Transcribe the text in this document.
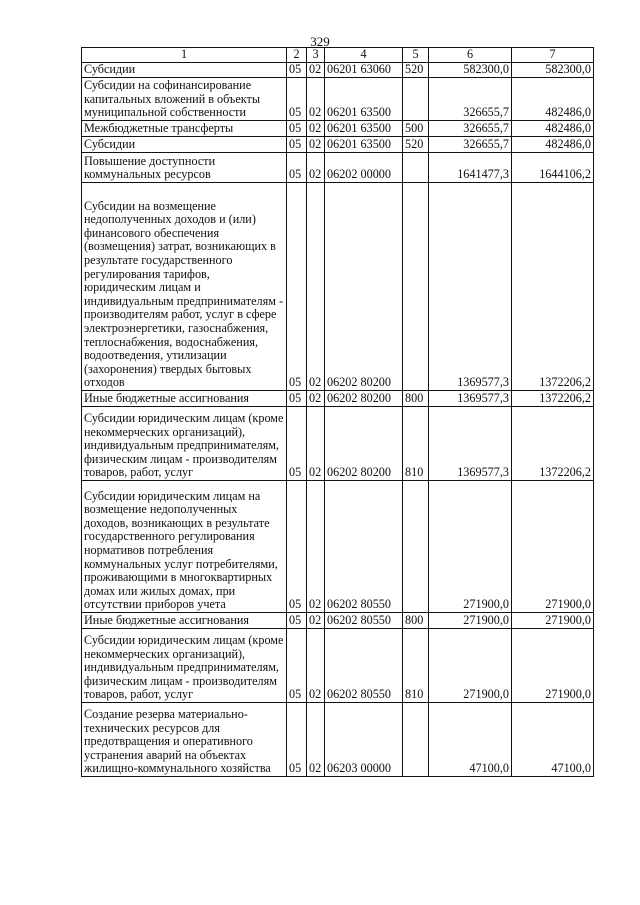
329
1	2	3	4	5	6	7
Субсидии	05	02	06201 63060	520	582300,0	582300,0
Субсидии на софинансирование капитальных вложений в объекты муниципальной собственности	05	02	06201 63500		326655,7	482486,0
Межбюджетные трансферты	05	02	06201 63500	500	326655,7	482486,0
Субсидии	05	02	06201 63500	520	326655,7	482486,0
Повышение доступности коммунальных ресурсов	05	02	06202 00000		1641477,3	1644106,2
Субсидии на возмещение недополученных доходов и (или) финансового обеспечения (возмещения) затрат, возникающих в результате государственного регулирования тарифов, юридическим лицам и индивидуальным предпринимателям - производителям работ, услуг в сфере электроэнергетики, газоснабжения, теплоснабжения, водоснабжения, водоотведения, утилизации (захоронения) твердых бытовых отходов	05	02	06202 80200		1369577,3	1372206,2
Иные бюджетные ассигнования	05	02	06202 80200	800	1369577,3	1372206,2
Субсидии юридическим лицам (кроме некоммерческих организаций), индивидуальным предпринимателям, физическим лицам - производителям товаров, работ, услуг	05	02	06202 80200	810	1369577,3	1372206,2
Субсидии юридическим лицам на возмещение недополученных доходов, возникающих в результате государственного регулирования нормативов потребления коммунальных услуг потребителями, проживающими в многоквартирных домах или жилых домах, при отсутствии приборов учета	05	02	06202 80550		271900,0	271900,0
Иные бюджетные ассигнования	05	02	06202 80550	800	271900,0	271900,0
Субсидии юридическим лицам (кроме некоммерческих организаций), индивидуальным предпринимателям, физическим лицам - производителям товаров, работ, услуг	05	02	06202 80550	810	271900,0	271900,0
Создание резерва материально-технических ресурсов для предотвращения и оперативного устранения аварий на объектах жилищно-коммунального хозяйства	05	02	06203 00000		47100,0	47100,0
